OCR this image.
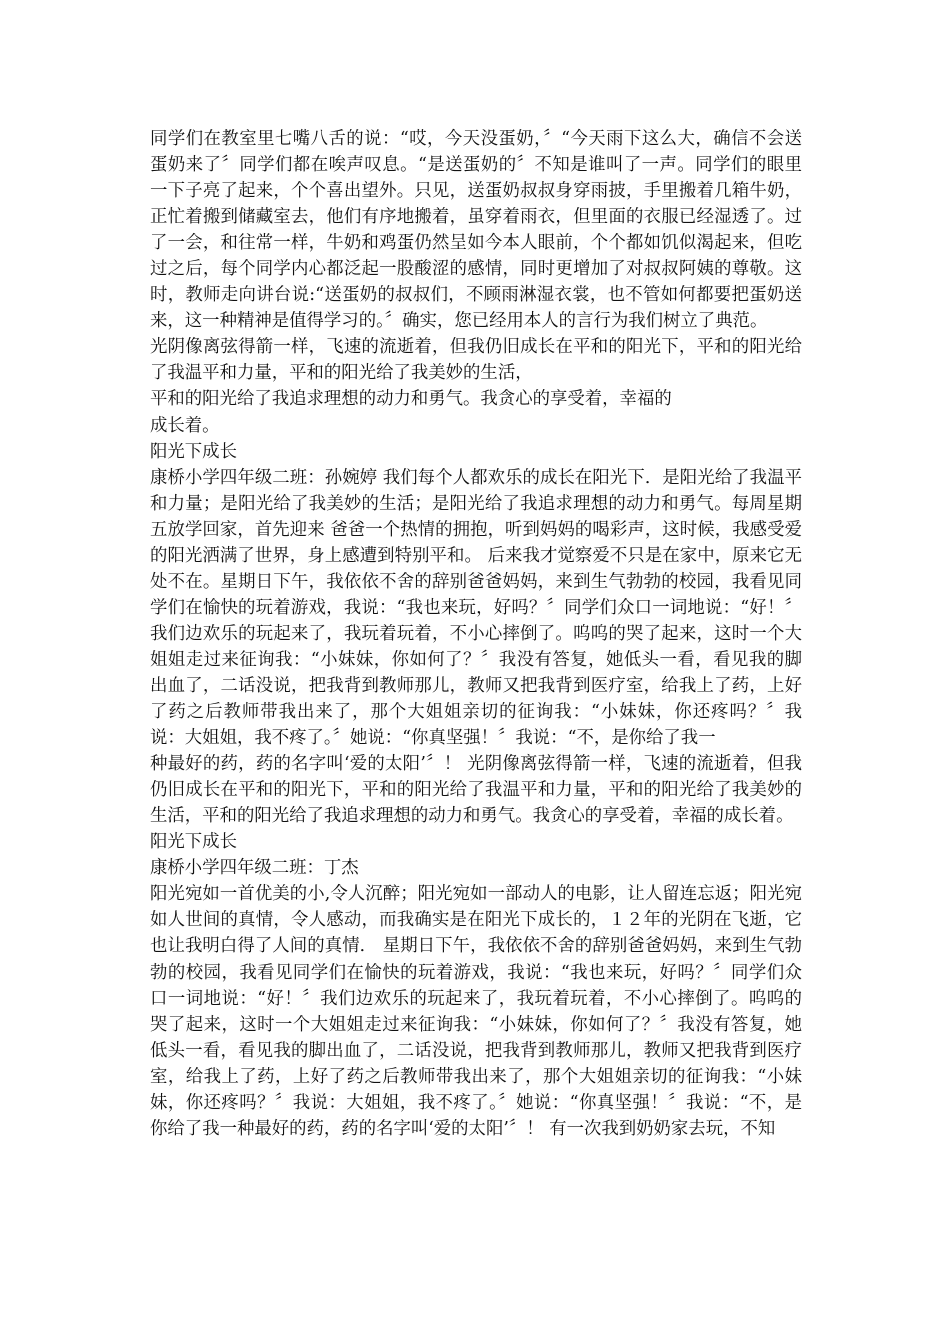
同学们在教室里七嘴八舌的说：“哎，今天没蛋奶，〞“今天雨下这么大，确信不会送蛋奶来了〞同学们都在唉声叹息。“是送蛋奶的〞不知是谁叫了一声。同学们的眼里一下子亮了起来，个个喜出望外。只见，送蛋奶叔叔身穿雨披，手里搬着几箱牛奶，正忙着搬到储藏室去，他们有序地搬着，虽穿着雨衣，但里面的衣服已经湿透了。过了一会，和往常一样，牛奶和鸡蛋仍然呈如今本人眼前，个个都如饥似渴起来，但吃过之后，每个同学内心都泛起一股酸涩的感情，同时更增加了对叔叔阿姨的尊敬。这时，教师走向讲台说:“送蛋奶的叔叔们，不顾雨淋湿衣裳，也不管如何都要把蛋奶送来，这一种精神是值得学习的。〞确实，您已经用本人的言行为我们树立了典范。

光阴像离弦得箭一样，飞速的流逝着，但我仍旧成长在平和的阳光下，平和的阳光给了我温平和力量，平和的阳光给了我美妙的生活，

平和的阳光给了我追求理想的动力和勇气。我贪心的享受着，幸福的

成长着。

阳光下成长

康桥小学四年级二班：孙婉婷 我们每个人都欢乐的成长在阳光下．是阳光给了我温平和力量；是阳光给了我美妙的生活；是阳光给了我追求理想的动力和勇气。每周星期五放学回家，首先迎来 爸爸一个热情的拥抱，听到妈妈的喝彩声，这时候，我感受爱的阳光洒满了世界，身上感遭到特别平和。 后来我才觉察爱不只是在家中，原来它无处不在。星期日下午，我依依不舍的辞别爸爸妈妈，来到生气勃勃的校园，我看见同学们在愉快的玩着游戏，我说：“我也来玩，好吗？〞同学们众口一词地说：“好！〞我们边欢乐的玩起来了，我玩着玩着，不小心摔倒了。呜呜的哭了起来，这时一个大姐姐走过来征询我：“小妹妹，你如何了？〞我没有答复，她低头一看，看见我的脚出血了，二话没说，把我背到教师那儿，教师又把我背到医疗室，给我上了药，上好了药之后教师带我出来了，那个大姐姐亲切的征询我：“小妹妹，你还疼吗？〞我说：大姐姐，我不疼了。〞她说：“你真坚强！〞我说：“不，是你给了我一

种最好的药，药的名字叫‘爱的太阳’〞！ 光阴像离弦得箭一样，飞速的流逝着，但我仍旧成长在平和的阳光下，平和的阳光给了我温平和力量，平和的阳光给了我美妙的生活，平和的阳光给了我追求理想的动力和勇气。我贪心的享受着，幸福的成长着。

阳光下成长

康桥小学四年级二班：丁杰

阳光宛如一首优美的小,令人沉醉；阳光宛如一部动人的电影，让人留连忘返；阳光宛如人世间的真情，令人感动，而我确实是在阳光下成长的，１２年的光阴在飞逝，它也让我明白得了人间的真情． 星期日下午，我依依不舍的辞别爸爸妈妈，来到生气勃勃的校园，我看见同学们在愉快的玩着游戏，我说：“我也来玩，好吗？〞同学们众口一词地说：“好！〞我们边欢乐的玩起来了，我玩着玩着，不小心摔倒了。呜呜的哭了起来，这时一个大姐姐走过来征询我：“小妹妹，你如何了？〞我没有答复，她低头一看，看见我的脚出血了，二话没说，把我背到教师那儿，教师又把我背到医疗室，给我上了药，上好了药之后教师带我出来了，那个大姐姐亲切的征询我：“小妹妹，你还疼吗？〞我说：大姐姐，我不疼了。〞她说：“你真坚强！〞我说：“不，是你给了我一种最好的药，药的名字叫‘爱的太阳’〞！ 有一次我到奶奶家去玩，不知
